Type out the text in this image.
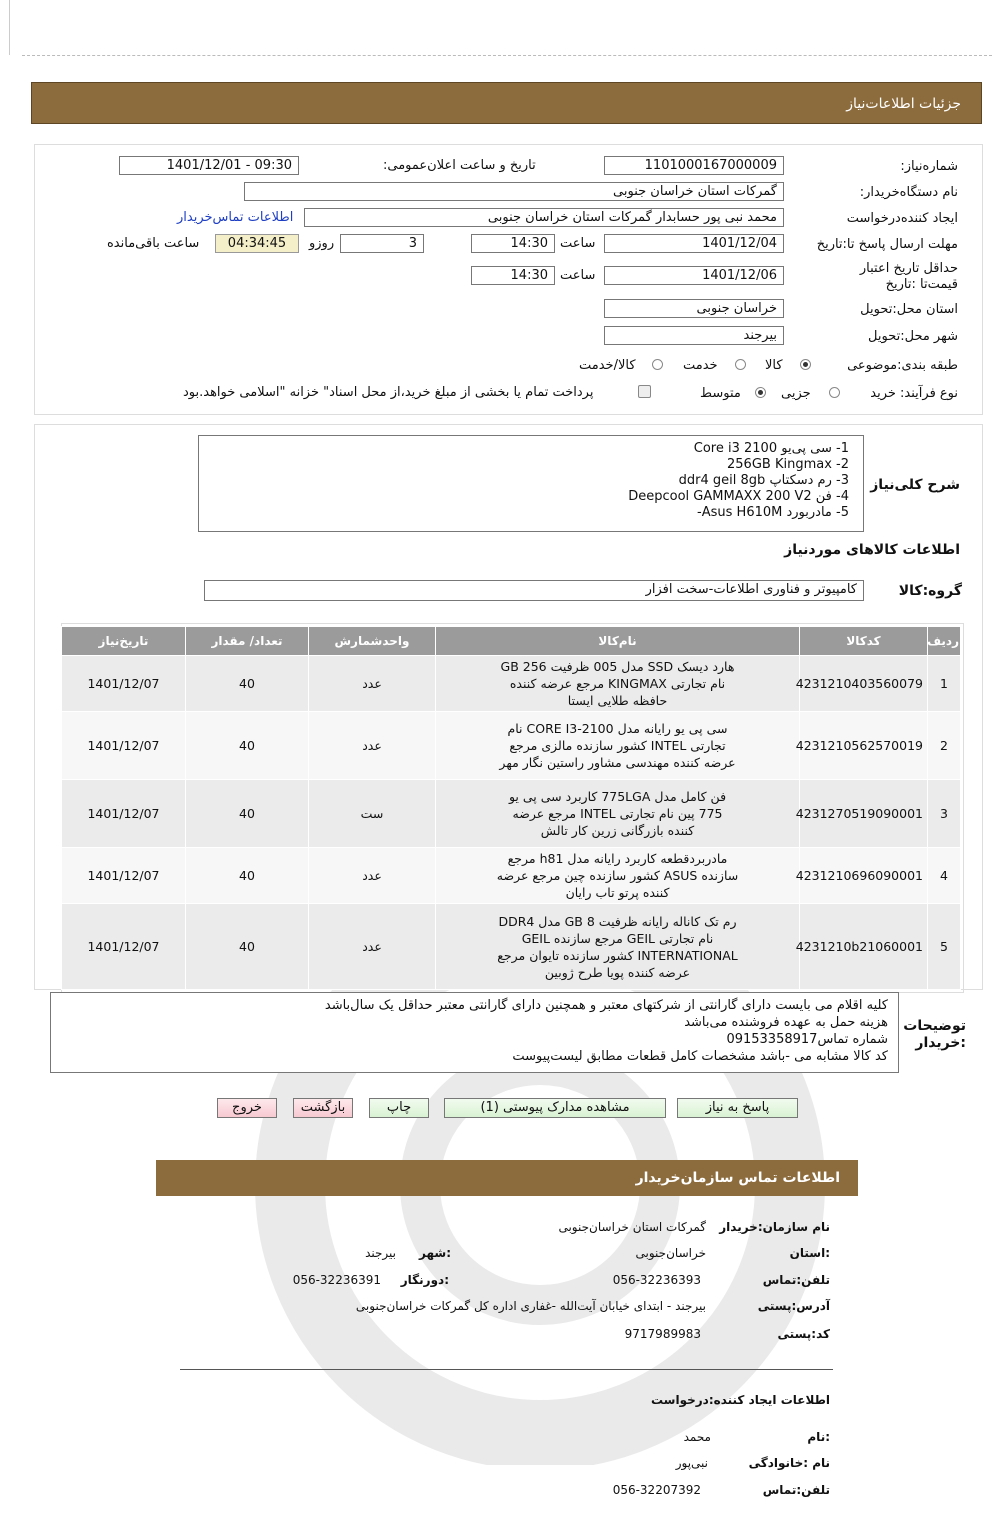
جزئیات اطلاعات‌نیاز
شماره‌نیاز:
1101000167000009
تاریخ و ساعت اعلان‌عمومی:
1401/12/01 - 09:30
نام دستگاه‌خریدار:
گمرکات استان خراسان جنوبی
ایجاد کننده‌درخواست
محمد نبی پور حسابدار گمرکات استان خراسان جنوبی
اطلاعات تماس‌خریدار
مهلت ارسال پاسخ تا‌:تاریخ
1401/12/04
ساعت
14:30
3
روزو
04:34:45
ساعت باقی‌مانده
حداقل تاریخ اعتبار قیمت‌تا :تاریخ
1401/12/06
ساعت
14:30
استان محل‌:تحویل
خراسان جنوبی
شهر محل‌:تحویل
بیرجند
طبقه بندی‌:موضوعی
کالا
خدمت
کالا/خدمت
نوع فرآیند: خرید
جزیی
متوسط
پرداخت تمام یا بخشی از مبلغ خرید،از محل اسناد" خزانه "اسلامی خواهد.بود
شرح کلی‌نیاز
1- سی پی‌یو Core i3 2100
2- 256GB Kingmax
3- رم دسکتاپ ddr4 geil 8gb
4- فن Deepcool GAMMAXX 200 V2
5- مادربورد Asus H610M-
اطلاعات کالاهای موردنیاز
گروه‌:کالا
کامپیوتر و فناوری اطلاعات-سخت افزار
ردیف	کدکالا	نام‌کالا	واحدشمارش	تعداد/ مقدار	تاریخ‌نیاز
1	4231210403560079	هارد دیسک SSD مدل 005 ظرفیت 256 GB نام تجارتی KINGMAX مرجع عرضه کننده حافظه طلایی ایستا	عدد	40	1401/12/07
2	4231210562570019	سی پی یو رایانه مدل CORE I3-2100 نام تجارتی INTEL کشور سازنده مالزی مرجع عرضه کننده مهندسی مشاور راستین نگار مهر	عدد	40	1401/12/07
3	4231270519090001	فن کامل مدل 775LGA کاربرد سی پی یو 775 پین نام تجارتی INTEL مرجع عرضه کننده بازرگانی زرین کار تالش	ست	40	1401/12/07
4	4231210696090001	مادربردقطعه کاربرد رایانه مدل h81 مرجع سازنده ASUS کشور سازنده چین مرجع عرضه کننده پرتو تاب رایان	عدد	40	1401/12/07
5	4231210b21060001	رم تک کاناله رایانه ظرفیت 8 GB مدل DDR4 نام تجارتی GEIL مرجع سازنده GEIL INTERNATIONAL کشور سازنده تایوان مرجع عرضه کننده پویا طرح ژوبین	عدد	40	1401/12/07
توضیحات :خریدار
کلیه اقلام می بایست دارای گارانتی از شرکتهای معتبر و همچنین دارای گارانتی معتبر حداقل یک سال‌باشد
هزینه حمل به عهده فروشنده می‌باشد
شماره تماس09153358917
کد کالا مشابه می -باشد مشخصات کامل قطعات مطابق لیست‌پیوست
پاسخ به نیاز
مشاهده مدارک پیوستی (1)
چاپ
بازگشت
خروج
اطلاعات تماس سازمان‌خریدار
نام سازمان‌:خریدار
گمرکات استان خراسان‌جنوبی
:استان
خراسان‌جنوبی
:شهر
بیرجند
تلفن‌:تماس
056-32236393
:دورنگار
056-32236391
آدرس‌:پستی
بیرجند - ابتدای خیابان آیت‌الله -غفاری اداره کل گمرکات خراسان‌جنوبی
کد‌:پستی
9717989983
اطلاعات ایجاد کننده‌:درخواست
:نام
محمد
نام :خانوادگی
نبی‌پور
تلفن‌:تماس
056-32207392
